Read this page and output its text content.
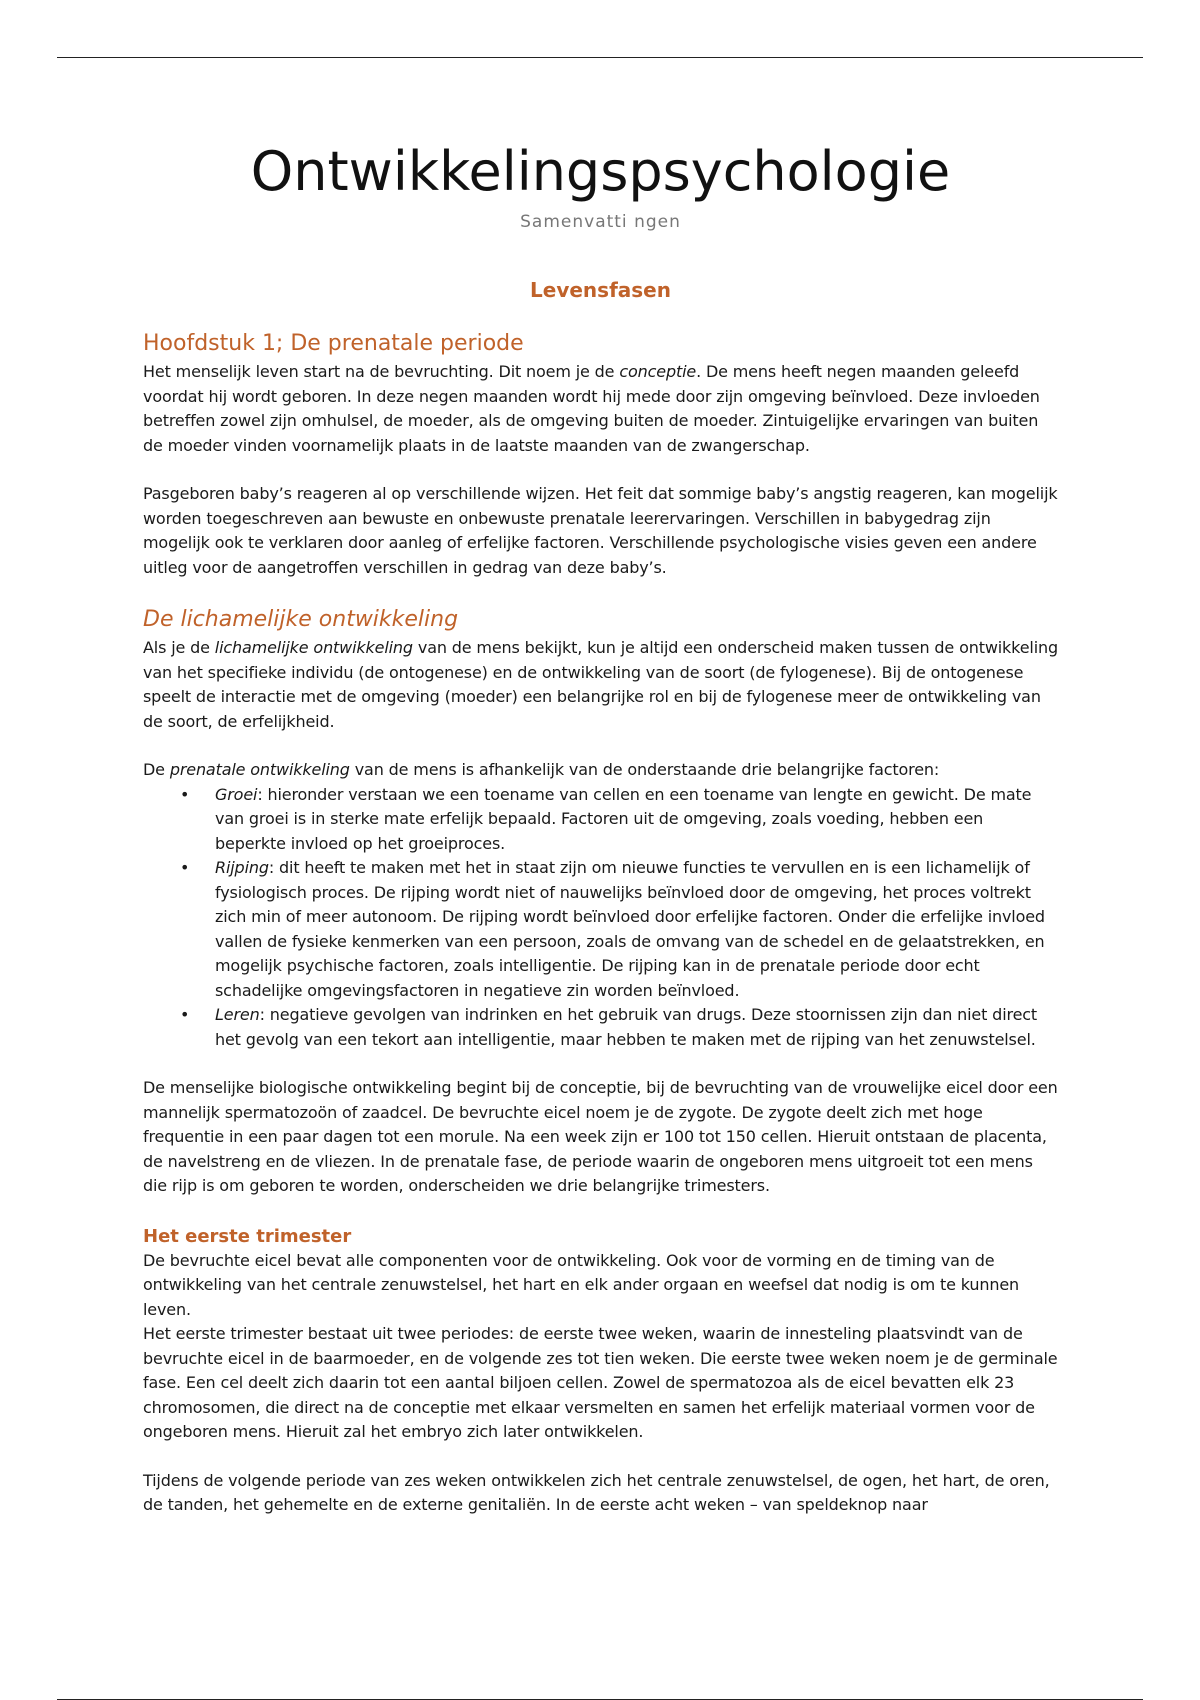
Ontwikkelingspsychologie
Samenvatti ngen
Levensfasen
Hoofdstuk 1; De prenatale periode

Het menselijk leven start na de bevruchting. Dit noem je de conceptie. De mens heeft negen maanden geleefd voordat hij wordt geboren. In deze negen maanden wordt hij mede door zijn omgeving beïnvloed. Deze invloeden betreffen zowel zijn omhulsel, de moeder, als de omgeving buiten de moeder. Zintuigelijke ervaringen van buiten de moeder vinden voornamelijk plaats in de laatste maanden van de zwangerschap.

Pasgeboren baby’s reageren al op verschillende wijzen. Het feit dat sommige baby’s angstig reageren, kan mogelijk worden toegeschreven aan bewuste en onbewuste prenatale leerervaringen. Verschillen in babygedrag zijn mogelijk ook te verklaren door aanleg of erfelijke factoren. Verschillende psychologische visies geven een andere uitleg voor de aangetroffen verschillen in gedrag van deze baby’s.

De lichamelijke ontwikkeling

Als je de lichamelijke ontwikkeling van de mens bekijkt, kun je altijd een onderscheid maken tussen de ontwikkeling van het specifieke individu (de ontogenese) en de ontwikkeling van de soort (de fylogenese). Bij de ontogenese speelt de interactie met de omgeving (moeder) een belangrijke rol en bij de fylogenese meer de ontwikkeling van de soort, de erfelijkheid.

De prenatale ontwikkeling van de mens is afhankelijk van de onderstaande drie belangrijke factoren:

• Groei: hieronder verstaan we een toename van cellen en een toename van lengte en gewicht. De mate van groei is in sterke mate erfelijk bepaald. Factoren uit de omgeving, zoals voeding, hebben een beperkte invloed op het groeiproces.
• Rijping: dit heeft te maken met het in staat zijn om nieuwe functies te vervullen en is een lichamelijk of fysiologisch proces. De rijping wordt niet of nauwelijks beïnvloed door de omgeving, het proces voltrekt zich min of meer autonoom. De rijping wordt beïnvloed door erfelijke factoren. Onder die erfelijke invloed vallen de fysieke kenmerken van een persoon, zoals de omvang van de schedel en de gelaatstrekken, en mogelijk psychische factoren, zoals intelligentie. De rijping kan in de prenatale periode door echt schadelijke omgevingsfactoren in negatieve zin worden beïnvloed.
• Leren: negatieve gevolgen van indrinken en het gebruik van drugs. Deze stoornissen zijn dan niet direct het gevolg van een tekort aan intelligentie, maar hebben te maken met de rijping van het zenuwstelsel.

De menselijke biologische ontwikkeling begint bij de conceptie, bij de bevruchting van de vrouwelijke eicel door een mannelijk spermatozoön of zaadcel. De bevruchte eicel noem je de zygote. De zygote deelt zich met hoge frequentie in een paar dagen tot een morule. Na een week zijn er 100 tot 150 cellen. Hieruit ontstaan de placenta, de navelstreng en de vliezen. In de prenatale fase, de periode waarin de ongeboren mens uitgroeit tot een mens die rijp is om geboren te worden, onderscheiden we drie belangrijke trimesters.

Het eerste trimester

De bevruchte eicel bevat alle componenten voor de ontwikkeling. Ook voor de vorming en de timing van de ontwikkeling van het centrale zenuwstelsel, het hart en elk ander orgaan en weefsel dat nodig is om te kunnen leven.

Het eerste trimester bestaat uit twee periodes: de eerste twee weken, waarin de innesteling plaatsvindt van de bevruchte eicel in de baarmoeder, en de volgende zes tot tien weken. Die eerste twee weken noem je de germinale fase. Een cel deelt zich daarin tot een aantal biljoen cellen. Zowel de spermatozoa als de eicel bevatten elk 23 chromosomen, die direct na de conceptie met elkaar versmelten en samen het erfelijk materiaal vormen voor de ongeboren mens. Hieruit zal het embryo zich later ontwikkelen.

Tijdens de volgende periode van zes weken ontwikkelen zich het centrale zenuwstelsel, de ogen, het hart, de oren, de tanden, het gehemelte en de externe genitaliën. In de eerste acht weken – van speldeknop naar
